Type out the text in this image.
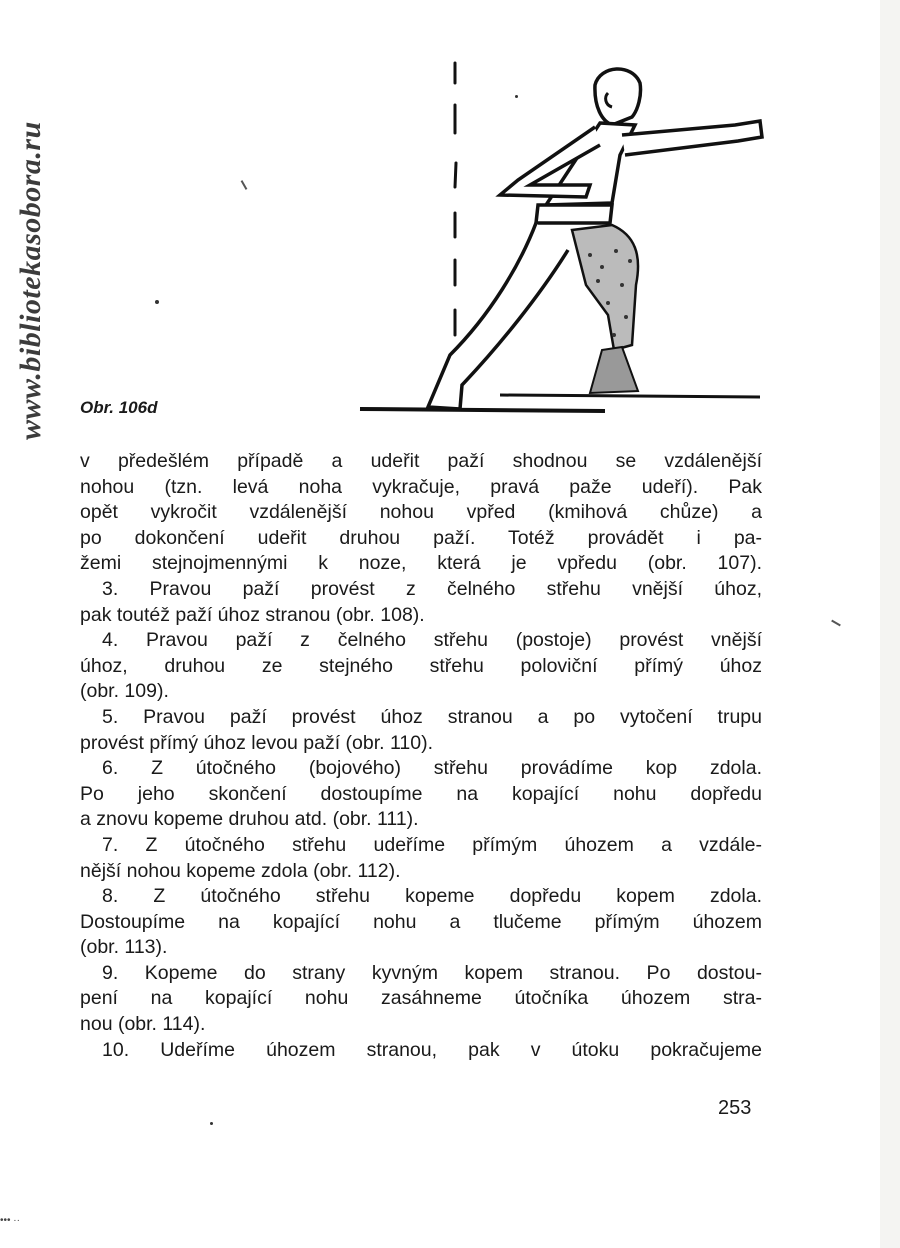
www.bibliotekasobora.ru Obr. 106d
v předešlém případě a udeřit paží shodnou se vzdálenější
nohou (tzn. levá noha vykračuje, pravá paže udeří). Pak
opět vykročit vzdálenější nohou vpřed (kmihová chůze) a
po dokončení udeřit druhou paží. Totéž provádět i pa-
žemi stejnojmennými k noze, která je vpředu (obr. 107).
3. Pravou paží provést z čelného střehu vnější úhoz,
pak toutéž paží úhoz stranou (obr. 108).
4. Pravou paží z čelného střehu (postoje) provést vnější
úhoz, druhou ze stejného střehu poloviční přímý úhoz
(obr. 109).
5. Pravou paží provést úhoz stranou a po vytočení trupu
provést přímý úhoz levou paží (obr. 110).
6. Z útočného (bojového) střehu provádíme kop zdola.
Po jeho skončení dostoupíme na kopající nohu dopředu
a znovu kopeme druhou atd. (obr. 111).
7. Z útočného střehu udeříme přímým úhozem a vzdále-
nější nohou kopeme zdola (obr. 112).
8. Z útočného střehu kopeme dopředu kopem zdola.
Dostoupíme na kopající nohu a tlučeme přímým úhozem
(obr. 113).
9. Kopeme do strany kyvným kopem stranou. Po dostou-
pení na kopající nohu zasáhneme útočníka úhozem stra-
nou (obr. 114).
10. Udeříme úhozem stranou, pak v útoku pokračujeme
253
••• ··
